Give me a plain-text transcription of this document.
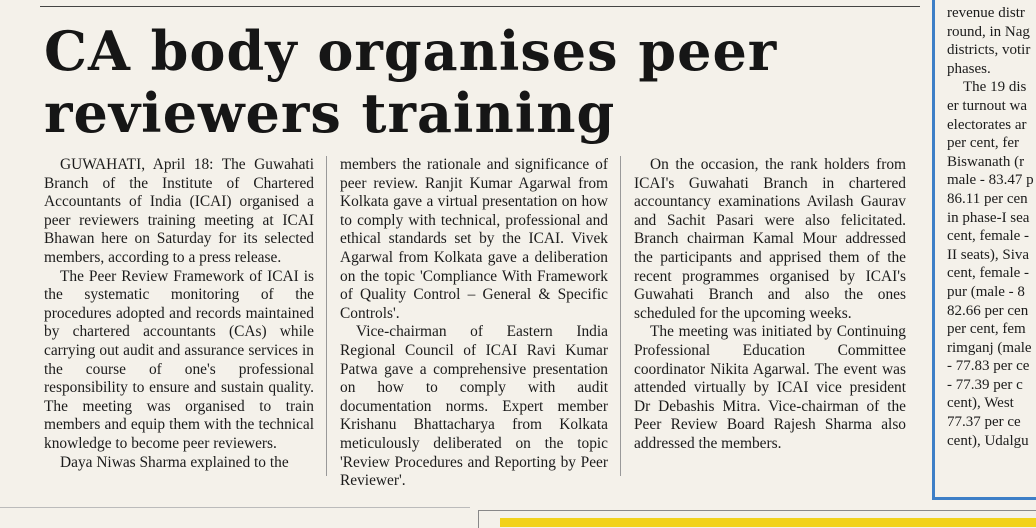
CA body organises peer
reviewers training

GUWAHATI, April 18: The Guwahati Branch of the Institute of Chartered Accountants of India (ICAI) organised a peer reviewers training meeting at ICAI Bhawan here on Saturday for its selected members, according to a press release.

The Peer Review Framework of ICAI is the systematic monitoring of the procedures adopted and records maintained by chartered accountants (CAs) while carrying out audit and assurance services in the course of one's professional responsibility to ensure and sustain quality. The meeting was organised to train members and equip them with the technical knowledge to become peer reviewers.

Daya Niwas Sharma explained to the

members the rationale and significance of peer review. Ranjit Kumar Agarwal from Kolkata gave a virtual presentation on how to comply with technical, professional and ethical standards set by the ICAI. Vivek Agarwal from Kolkata gave a deliberation on the topic 'Compliance With Framework of Quality Control – General & Specific Controls'.

Vice-chairman of Eastern India Regional Council of ICAI Ravi Kumar Patwa gave a comprehensive presentation on how to comply with audit documentation norms. Expert member Krishanu Bhattacharya from Kolkata meticulously deliberated on the topic 'Review Procedures and Reporting by Peer Reviewer'.

On the occasion, the rank holders from ICAI's Guwahati Branch in chartered accountancy examinations Avilash Gaurav and Sachit Pasari were also felicitated. Branch chairman Kamal Mour addressed the participants and apprised them of the recent programmes organised by ICAI's Guwahati Branch and also the ones scheduled for the upcoming weeks.

The meeting was initiated by Continuing Professional Education Committee coordinator Nikita Agarwal. The event was attended virtually by ICAI vice president Dr Debashis Mitra. Vice-chairman of the Peer Review Board Rajesh Sharma also addressed the members.

revenue distr
round, in Nag
districts, votir
phases.
The 19 dis
er turnout wa
electorates ar
per cent, fer
Biswanath (r
male - 83.47 p
86.11 per cen
in phase-I sea
cent, female -
II seats), Siva
cent, female -
pur (male - 8
82.66 per cen
per cent, fem
rimganj (male
- 77.83 per ce
- 77.39 per c
cent), West
77.37 per ce
cent), Udalgu
